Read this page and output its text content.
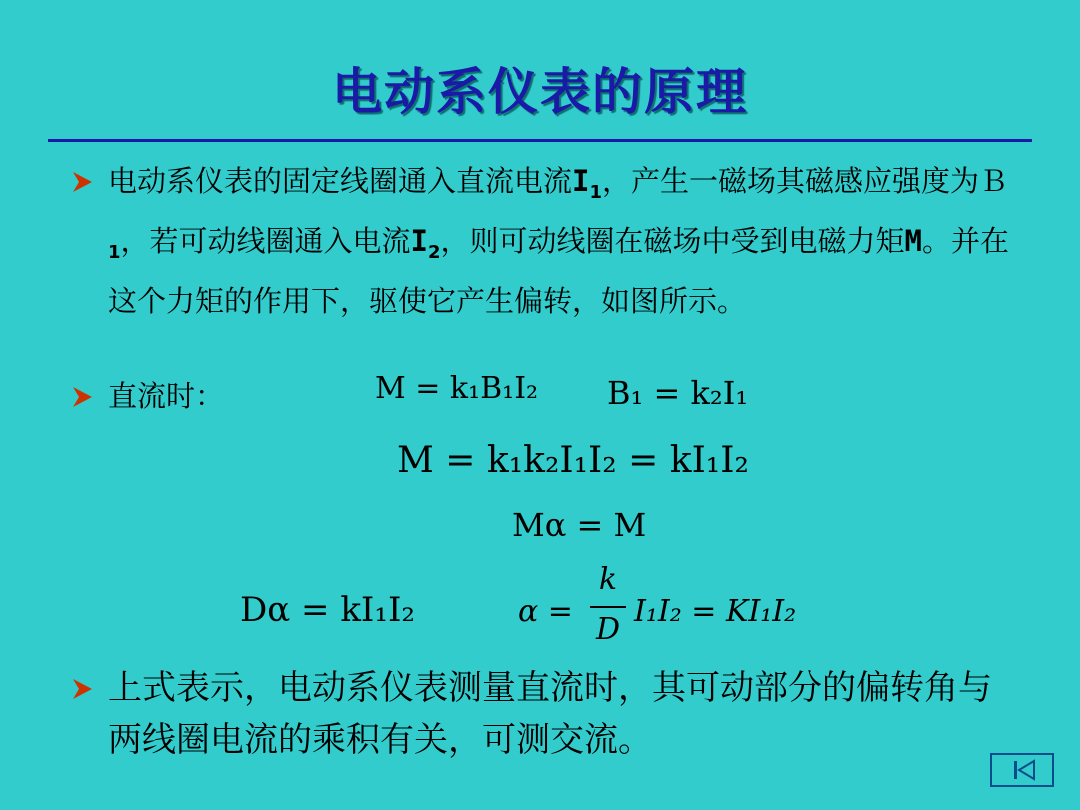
电动系仪表的原理
电动系仪表的固定线圈通入直流电流$I_1$，产生一磁场其磁感应强度为Ｂ$_1$，若可动线圈通入电流$I_2$，则可动线圈在磁场中受到电磁力矩M。并在这个力矩的作用下，驱使它产生偏转，如图所示。
直流时：	M = k₁B₁I₂ B₁ = k₂I₁
M = k₁k₂I₁I₂ = kI₁I₂
Mα = M
Dα = kI₁I₂	α =
k
D
I₁I₂ = KI₁I₂
上式表示，电动系仪表测量直流时，其可动部分的偏转角与两线圈电流的乘积有关，可测交流。
